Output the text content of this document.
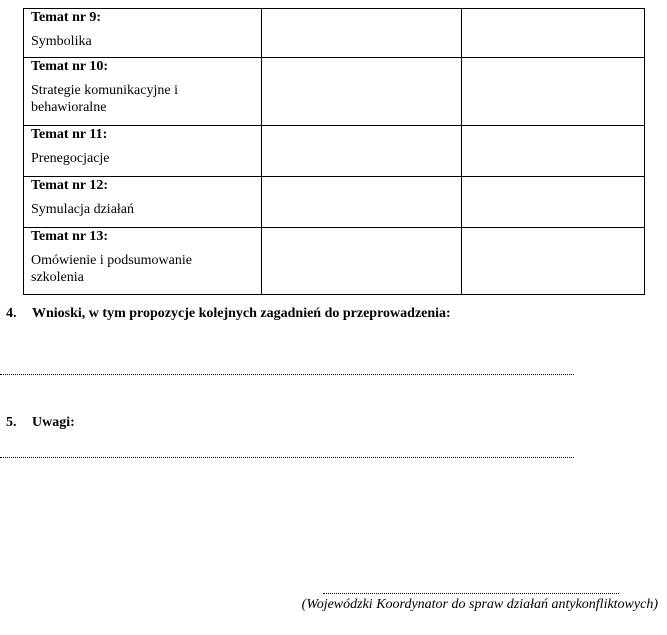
Temat nr 9:
Symbolika		

Temat nr 10:
Strategie komunikacyjne i behawioralne		

Temat nr 11:
Prenegocjacje		

Temat nr 12:
Symulacja działań		

Temat nr 13:
Omówienie i podsumowanie szkolenia		

4. Wnioski, w tym propozycje kolejnych zagadnień do przeprowadzenia:
5. Uwagi:
(Wojewódzki Koordynator do spraw działań antykonfliktowych)
